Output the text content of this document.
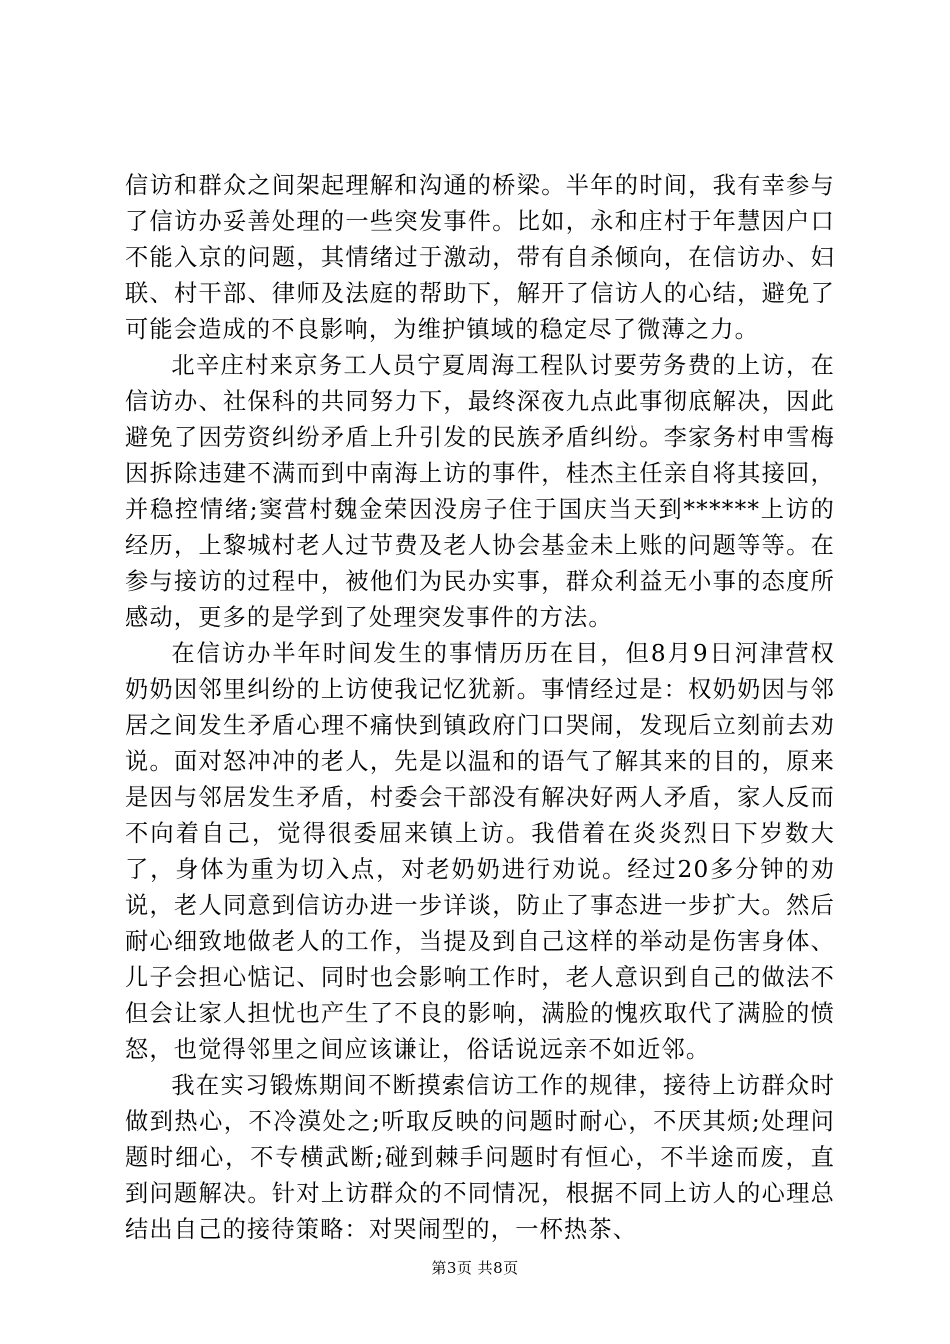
信访和群众之间架起理解和沟通的桥梁。半年的时间，我有幸参与了信访办妥善处理的一些突发事件。比如，永和庄村于年慧因户口不能入京的问题，其情绪过于激动，带有自杀倾向，在信访办、妇联、村干部、律师及法庭的帮助下，解开了信访人的心结，避免了可能会造成的不良影响，为维护镇域的稳定尽了微薄之力。

北辛庄村来京务工人员宁夏周海工程队讨要劳务费的上访，在信访办、社保科的共同努力下，最终深夜九点此事彻底解决，因此避免了因劳资纠纷矛盾上升引发的民族矛盾纠纷。李家务村申雪梅因拆除违建不满而到中南海上访的事件，桂杰主任亲自将其接回，并稳控情绪;窦营村魏金荣因没房子住于国庆当天到******上访的经历，上黎城村老人过节费及老人协会基金未上账的问题等等。在参与接访的过程中，被他们为民办实事，群众利益无小事的态度所感动，更多的是学到了处理突发事件的方法。

在信访办半年时间发生的事情历历在目，但8月9日河津营权奶奶因邻里纠纷的上访使我记忆犹新。事情经过是：权奶奶因与邻居之间发生矛盾心理不痛快到镇政府门口哭闹，发现后立刻前去劝说。面对怒冲冲的老人，先是以温和的语气了解其来的目的，原来是因与邻居发生矛盾，村委会干部没有解决好两人矛盾，家人反而不向着自己，觉得很委屈来镇上访。我借着在炎炎烈日下岁数大了，身体为重为切入点，对老奶奶进行劝说。经过20多分钟的劝说，老人同意到信访办进一步详谈，防止了事态进一步扩大。然后耐心细致地做老人的工作，当提及到自己这样的举动是伤害身体、儿子会担心惦记、同时也会影响工作时，老人意识到自己的做法不但会让家人担忧也产生了不良的影响，满脸的愧疚取代了满脸的愤怒，也觉得邻里之间应该谦让，俗话说远亲不如近邻。

我在实习锻炼期间不断摸索信访工作的规律，接待上访群众时做到热心，不冷漠处之;听取反映的问题时耐心，不厌其烦;处理问题时细心，不专横武断;碰到棘手问题时有恒心，不半途而废，直到问题解决。针对上访群众的不同情况，根据不同上访人的心理总结出自己的接待策略：对哭闹型的，一杯热茶、

第3页 共8页
